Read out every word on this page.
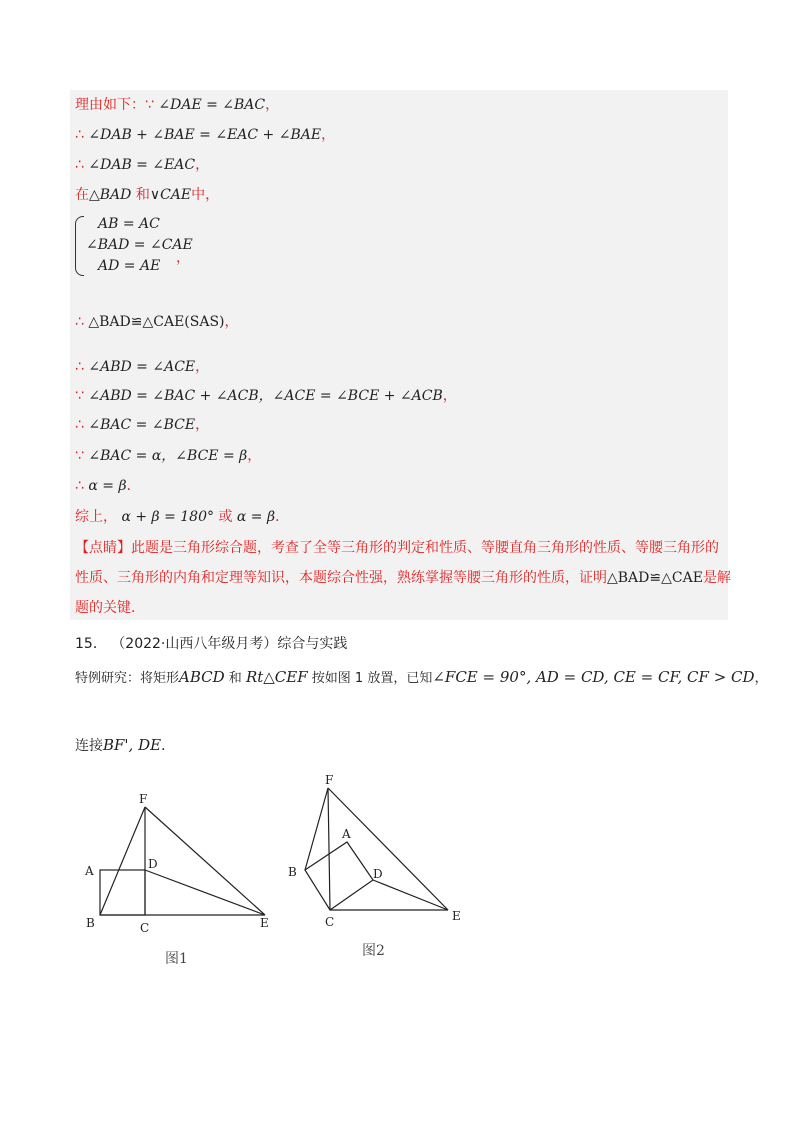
理由如下：∵ ∠DAE = ∠BAC，
∴ ∠DAB + ∠BAE = ∠EAC + ∠BAE，
∴ ∠DAB = ∠EAC，
在△BAD 和∨CAE中，
AB = AC
∠BAD = ∠CAE
AD = AE ，
∴ △BAD≌△CAE(SAS)，
∴ ∠ABD = ∠ACE，
∵ ∠ABD = ∠BAC + ∠ACB，∠ACE = ∠BCE + ∠ACB，
∴ ∠BAC = ∠BCE，
∵ ∠BAC = α，∠BCE = β，
∴ α = β．
综上， α + β = 180° 或 α = β．
【点睛】此题是三角形综合题，考查了全等三角形的判定和性质、等腰直角三角形的性质、等腰三角形的
性质、三角形的内角和定理等知识，本题综合性强，熟练掌握等腰三角形的性质，证明△BAD≌△CAE是解
题的关键．
15． （2022·山西八年级月考）综合与实践
特例研究：将矩形ABCD 和 Rt△CEF 按如图 1 放置，已知∠FCE = 90°, AD = CD, CE = CF, CF > CD，
连接BF', DE．
F
A	D
B	C	E
图1
F
A
B	D
C	E
图2
